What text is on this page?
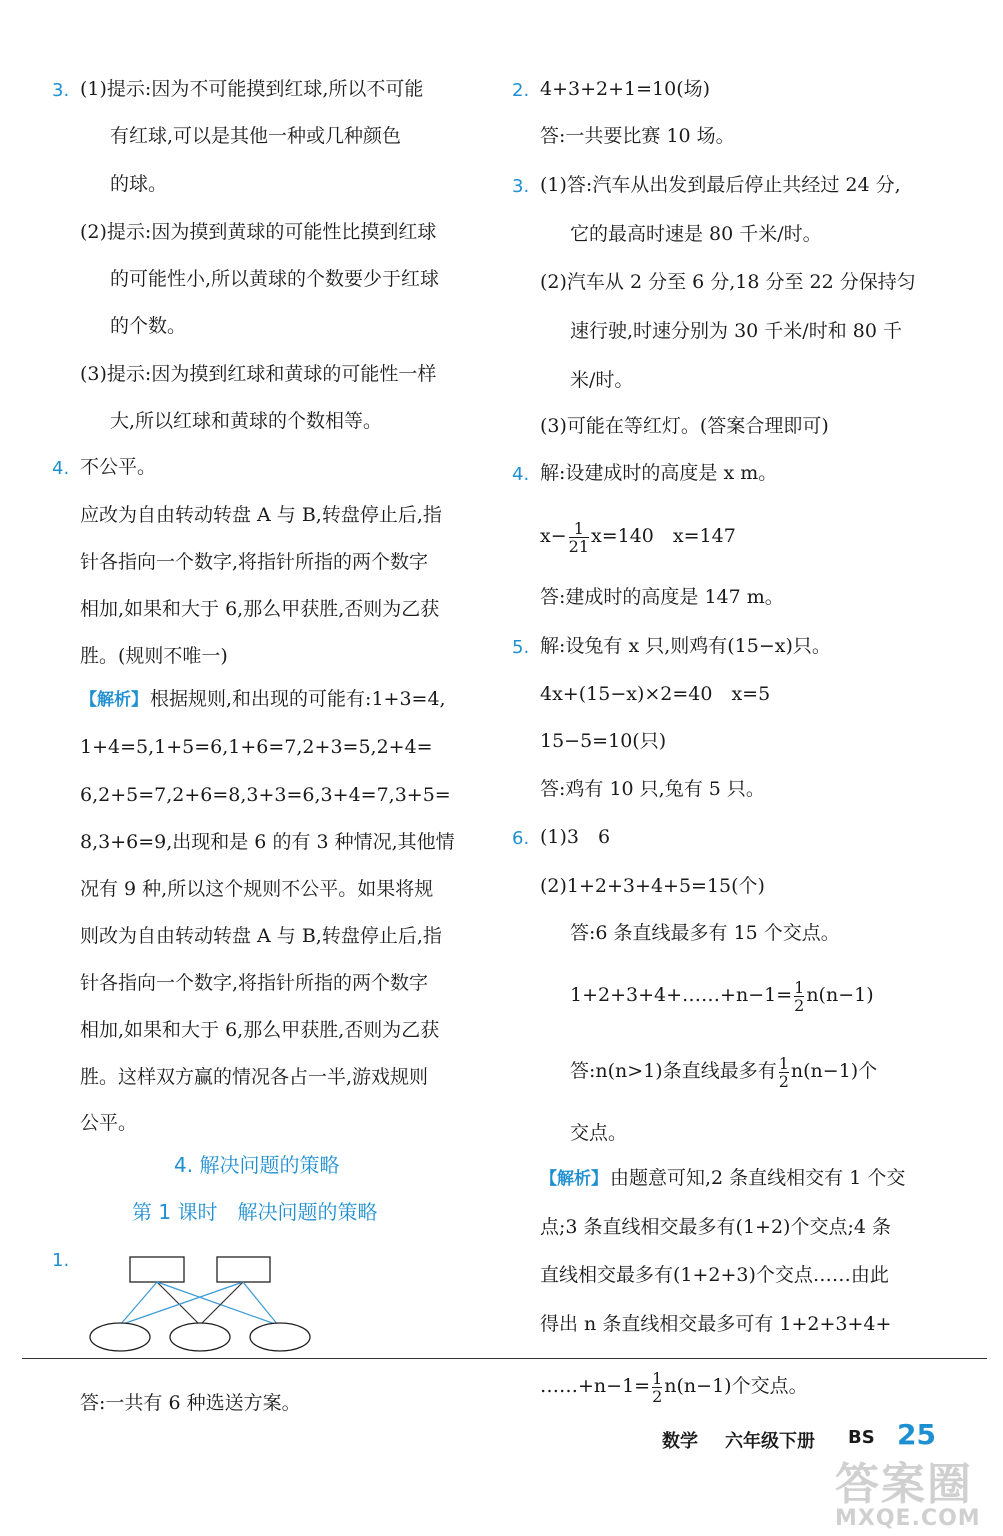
3. (1)提示:因为不可能摸到红球,所以不可能
有红球,可以是其他一种或几种颜色
的球。
(2)提示:因为摸到黄球的可能性比摸到红球
的可能性小,所以黄球的个数要少于红球
的个数。
(3)提示:因为摸到红球和黄球的可能性一样
大,所以红球和黄球的个数相等。
4. 不公平。
应改为自由转动转盘 A 与 B,转盘停止后,指
针各指向一个数字,将指针所指的两个数字
相加,如果和大于 6,那么甲获胜,否则为乙获
胜。(规则不唯一)
【解析】 根据规则,和出现的可能有:1+3=4,
1+4=5,1+5=6,1+6=7,2+3=5,2+4=
6,2+5=7,2+6=8,3+3=6,3+4=7,3+5=
8,3+6=9,出现和是 6 的有 3 种情况,其他情
况有 9 种,所以这个规则不公平。如果将规
则改为自由转动转盘 A 与 B,转盘停止后,指
针各指向一个数字,将指针所指的两个数字
相加,如果和大于 6,那么甲获胜,否则为乙获
胜。这样双方赢的情况各占一半,游戏规则
公平。
4. 解决问题的策略
第 1 课时　解决问题的策略
1.
答:一共有 6 种选送方案。
2. 4+3+2+1=10(场)
答:一共要比赛 10 场。
3. (1)答:汽车从出发到最后停止共经过 24 分,
它的最高时速是 80 千米/时。
(2)汽车从 2 分至 6 分,18 分至 22 分保持匀
速行驶,时速分别为 30 千米/时和 80 千
米/时。
(3)可能在等红灯。(答案合理即可)
4. 解:设建成时的高度是 x m。
$x- \frac{1}{21} x=140$　x=147
答:建成时的高度是 147 m。
5. 解:设兔有 x 只,则鸡有(15−x)只。
4x+(15−x)×2=40　x=5
15−5=10(只)
答:鸡有 10 只,兔有 5 只。
6. (1)3　6
(2)1+2+3+4+5=15(个)
答:6 条直线最多有 15 个交点。
1+2+3+4+……+n−1= $\frac{1}{2} n(n-1)$
答:n(n>1)条直线最多有 $\frac{1}{2} n(n-1)$个
交点。
【解析】 由题意可知,2 条直线相交有 1 个交
点;3 条直线相交最多有(1+2)个交点;4 条
直线相交最多有(1+2+3)个交点……由此
得出 n 条直线相交最多可有 1+2+3+4+
……+n−1= $\frac{1}{2} n(n-1)$个交点。
数学 六年级下册 BS 25
答案圈
MXQE.COM
